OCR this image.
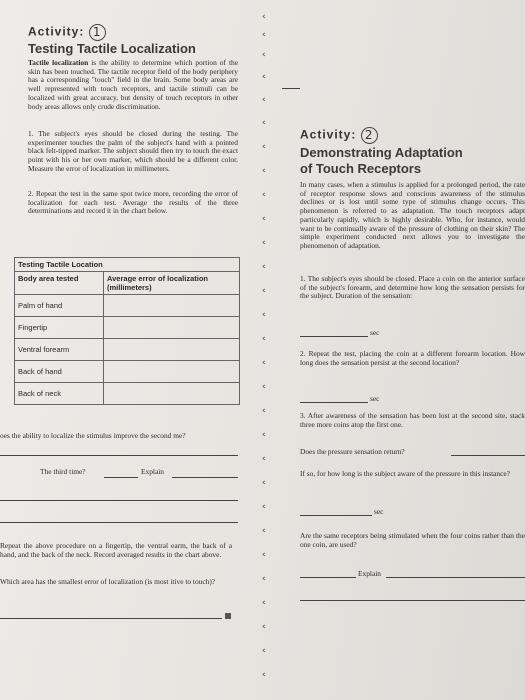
Activity: 1
Testing Tactile Localization
Tactile localization is the ability to determine which portion of the skin has been touched. The tactile receptor field of the body periphery has a corresponding "touch" field in the brain. Some body areas are well represented with touch receptors, and tactile stimuli can be localized with great accuracy, but density of touch receptors in other body areas allows only crude discrimination.
1. The subject's eyes should be closed during the testing. The experimenter touches the palm of the subject's hand with a pointed black felt-tipped marker. The subject should then try to touch the exact point with his or her own marker, which should be a different color. Measure the error of localization in millimeters.
2. Repeat the test in the same spot twice more, recording the error of localization for each test. Average the results of the three determinations and record it in the chart below.
Testing Tactile Location	
Body area tested	Average error of localization (millimeters)
Palm of hand	
Fingertip	
Ventral forearm	
Back of hand	
Back of neck	
oes the ability to localize the stimulus improve the second me?
The third time?	Explain
Repeat the above procedure on a fingertip, the ventral earm, the back of a hand, and the back of the neck. Record averaged results in the chart above.
Which area has the smallest error of localization (is most itive to touch)?
‹
‹
‹
‹
‹
‹
‹
‹
‹
‹
‹
‹
‹
‹
‹
‹
‹
‹
‹
‹
‹
‹
‹
‹
‹
‹
‹
‹
‹
Activity: 2
Demonstrating Adaptation
of Touch Receptors
In many cases, when a stimulus is applied for a prolonged period, the rate of receptor response slows and conscious awareness of the stimulus declines or is lost until some type of stimulus change occurs. This phenomenon is referred to as adaptation. The touch receptors adapt particularly rapidly, which is highly desirable. Who, for instance, would want to be continually aware of the pressure of clothing on their skin? The simple experiment conducted next allows you to investigate the phenomenon of adaptation.
1. The subject's eyes should be closed. Place a coin on the anterior surface of the subject's forearm, and determine how long the sensation persists for the subject. Duration of the sensation:
sec
2. Repeat the test, placing the coin at a different forearm location. How long does the sensation persist at the second location?
sec
3. After awareness of the sensation has been lost at the second site, stack three more coins atop the first one.
Does the pressure sensation return?
If so, for how long is the subject aware of the pressure in this instance?
sec
Are the same receptors being stimulated when the four coins rather than the one coin, are used?
Explain
